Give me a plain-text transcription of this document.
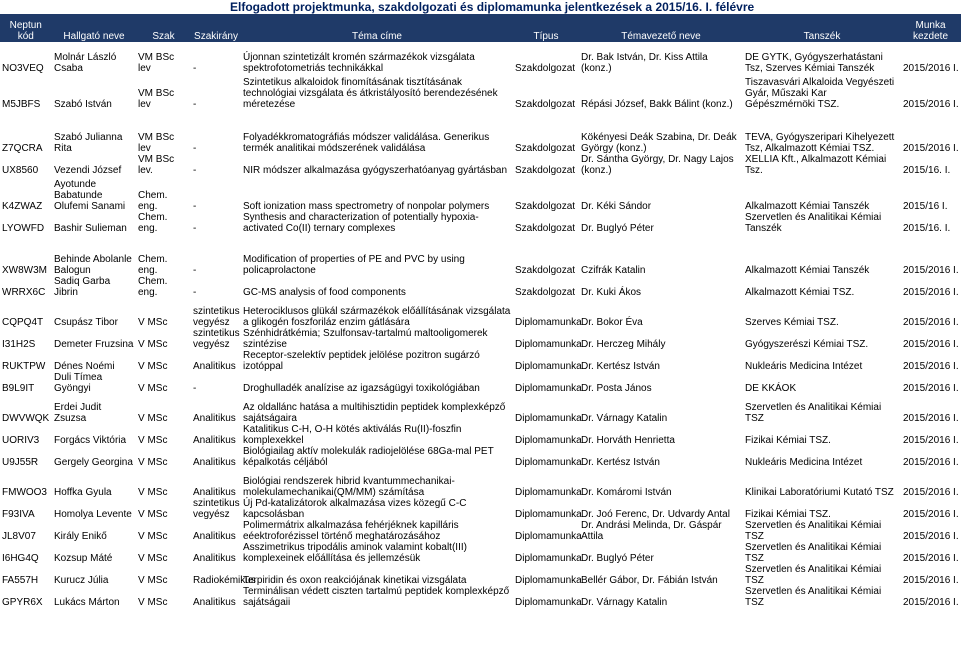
Elfogadott projektmunka, szakdolgozati és diplomamunka jelentkezések a 2015/16. I. félévre
Neptun kód	Hallgató neve	Szak	Szakirány	Téma címe	Típus	Témavezető neve	Tanszék	Munka kezdete
NO3VEQ	Molnár László Csaba	VM BSc lev	-	Újonnan szintetizált kromén származékok vizsgálata spektrofotometriás technikákkal	Szakdolgozat	Dr. Bak István, Dr. Kiss Attila (konz.)	DE GYTK, Gyógyszerhatástani Tsz, Szerves Kémiai Tanszék	2015/2016 I.
M5JBFS	Szabó István	VM BSc lev	-	Szintetikus alkaloidok finomításának tisztításának technológiai vizsgálata és átkristályosító berendezésének méretezése	Szakdolgozat	Répási József, Bakk Bálint (konz.)	Tiszavasvári Alkaloida Vegyészeti Gyár, Műszaki Kar Gépészmérnöki TSZ.	2015/2016 I.
Z7QCRA	Szabó Julianna Rita	VM BSc lev	-	Folyadékkromatográfiás módszer validálása. Generikus termék analitikai módszerének validálása	Szakdolgozat	Kökényesi Deák Szabina, Dr. Deák György (konz.)	TEVA, Gyógyszeripari Kihelyezett Tsz, Alkalmazott Kémiai TSZ.	2015/2016 I.
UX8560	Vezendi József	VM BSc lev.	-	NIR módszer alkalmazása gyógyszerhatóanyag gyártásban	Szakdolgozat	Dr. Sántha György, Dr. Nagy Lajos (konz.)	XELLIA Kft., Alkalmazott Kémiai Tsz.	2015/16. I.
K4ZWAZ	Ayotunde Babatunde Olufemi Sanami	Chem. eng.	-	Soft ionization mass spectrometry of nonpolar polymers	Szakdolgozat	Dr. Kéki Sándor	Alkalmazott Kémiai Tanszék	2015/16 I.
LYOWFD	Bashir Sulieman	Chem. eng.	-	Synthesis and characterization of potentially hypoxia-activated Co(II) ternary complexes	Szakdolgozat	Dr. Buglyó Péter	Szervetlen és Analitikai Kémiai Tanszék	2015/16. I.
XW8W3M	Behinde Abolanle Balogun	Chem. eng.	-	Modification of properties of PE and PVC by using policaprolactone	Szakdolgozat	Czifrák Katalin	Alkalmazott Kémiai Tanszék	2015/2016 I.
WRRX6C	Sadiq Garba Jibrin	Chem. eng.	-	GC-MS analysis of food components	Szakdolgozat	Dr. Kuki Ákos	Alkalmazott Kémiai TSZ.	2015/2016 I.
CQPQ4T	Csupász Tibor	V MSc	szintetikus vegyész	Heterociklusos glükál származékok előállításának vizsgálata a glikogén foszforiláz enzim gátlására	Diplomamunka	Dr. Bokor Éva	Szerves Kémiai TSZ.	2015/2016 I.
I31H2S	Demeter Fruzsina	V MSc	szintetikus vegyész	Szénhidrátkémia; Szulfonsav-tartalmú maltooligomerek szintézise	Diplomamunka	Dr. Herczeg Mihály	Gyógyszerészi Kémiai TSZ.	2015/2016 I.
RUKTPW	Dénes Noémi	V MSc	Analitikus	Receptor-szelektív peptidek jelölése pozitron sugárzó izotóppal	Diplomamunka	Dr. Kertész István	Nukleáris Medicina Intézet	2015/2016 I.
B9L9IT	Duli Tímea Gyöngyi	V MSc	-	Droghulladék analízise az igazságügyi toxikológiában	Diplomamunka	Dr. Posta János	DE KKÁOK	2015/2016 I.
DWVWQK	Erdei Judit Zsuzsa	V MSc	Analitikus	Az oldallánc hatása a multihisztidin peptidek komplexképző sajátságaira	Diplomamunka	Dr. Várnagy Katalin	Szervetlen és Analitikai Kémiai TSZ	2015/2016 I.
UORIV3	Forgács Viktória	V MSc	Analitikus	Katalitikus C-H, O-H kötés aktiválás Ru(II)-foszfin komplexekkel	Diplomamunka	Dr. Horváth Henrietta	Fizikai Kémiai TSZ.	2015/2016 I.
U9J55R	Gergely Georgina	V MSc	Analitikus	Biológiailag aktív molekulák radiojelölése 68Ga-mal PET képalkotás céljából	Diplomamunka	Dr. Kertész István	Nukleáris Medicina Intézet	2015/2016 I.
FMWOO3	Hoffka Gyula	V MSc	Analitikus	Biológiai rendszerek hibrid kvantummechanikai-molekulamechanikai(QM/MM) számítása	Diplomamunka	Dr. Komáromi István	Klinikai Laboratóriumi Kutató TSZ	2015/2016 I.
F93IVA	Homolya Levente	V MSc	szintetikus vegyész	Új Pd-katalizátorok alkalmazása vizes közegű C-C kapcsolásban	Diplomamunka	Dr. Joó Ferenc, Dr. Udvardy Antal	Fizikai Kémiai TSZ.	2015/2016 I.
JL8V07	Király Enikő	V MSc	Analitikus	Polimermátrix alkalmazása fehérjéknek kapilláris eéektroforézissel történő meghatározásához	Diplomamunka	Dr. Andrási Melinda, Dr. Gáspár Attila	Szervetlen és Analitikai Kémiai TSZ	2015/2016 I.
I6HG4Q	Kozsup Máté	V MSc	Analitikus	Asszimetrikus tripodális aminok valamint kobalt(III) komplexeinek előállítása és jellemzésük	Diplomamunka	Dr. Buglyó Péter	Szervetlen és Analitikai Kémiai TSZ	2015/2016 I.
FA557H	Kurucz Júlia	V MSc	Radiokémikus	Terpiridin és oxon reakciójának kinetikai vizsgálata	Diplomamunka	Bellér Gábor, Dr. Fábián István	Szervetlen és Analitikai Kémiai TSZ	2015/2016 I.
GPYR6X	Lukács Márton	V MSc	Analitikus	Terminálisan védett ciszten tartalmú peptidek komplexképző sajátságaii	Diplomamunka	Dr. Várnagy Katalin	Szervetlen és Analitikai Kémiai TSZ	2015/2016 I.
